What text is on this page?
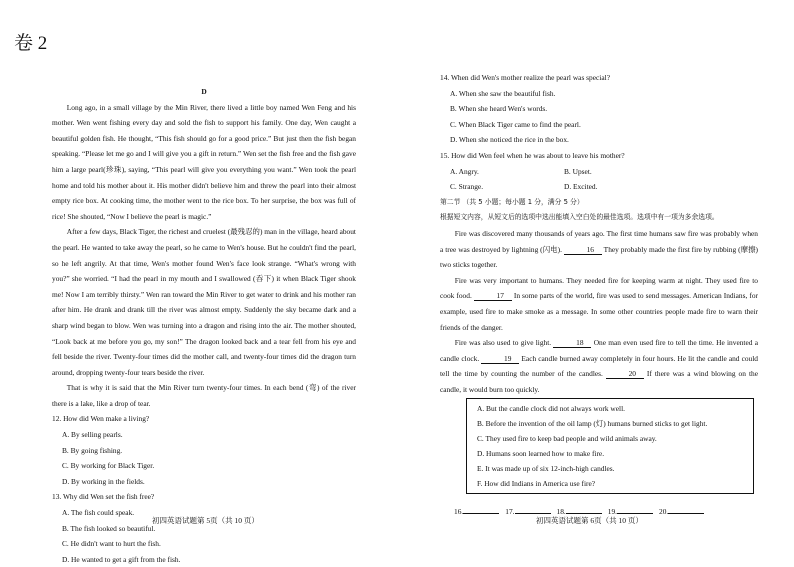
卷 2
D
Long ago, in a small village by the Min River, there lived a little boy named Wen Feng and his mother. Wen went fishing every day and sold the fish to support his family. One day, Wen caught a beautiful golden fish. He thought, “This fish should go for a good price.” But just then the fish began speaking. “Please let me go and I will give you a gift in return.” Wen set the fish free and the fish gave him a large pearl(珍珠), saying, “This pearl will give you everything you want.” Wen took the pearl home and told his mother about it. His mother didn't believe him and threw the pearl into their almost empty rice box. At cooking time, the mother went to the rice box. To her surprise, the box was full of rice! She shouted, “Now I believe the pearl is magic.”
After a few days, Black Tiger, the richest and cruelest (最残忍的) man in the village, heard about the pearl. He wanted to take away the pearl, so he came to Wen's house. But he couldn't find the pearl, so he left angrily. At that time, Wen's mother found Wen's face look strange. “What's wrong with you?” she worried. “I had the pearl in my mouth and I swallowed (吞下) it when Black Tiger shook me! Now I am terribly thirsty.” Wen ran toward the Min River to get water to drink and his mother ran after him. He drank and drank till the river was almost empty. Suddenly the sky became dark and a sharp wind began to blow. Wen was turning into a dragon and rising into the air. The mother shouted, “Look back at me before you go, my son!” The dragon looked back and a tear fell from his eye and fell beside the river. Twenty-four times did the mother call, and twenty-four times did the dragon turn around, dropping twenty-four tears beside the river.
That is why it is said that the Min River turn twenty-four times. In each bend (弯) of the river there is a lake, like a drop of tear.
12. How did Wen make a living?
A. By selling pearls.
B. By going fishing.
C. By working for Black Tiger.
D. By working in the fields.
13. Why did Wen set the fish free?
A. The fish could speak.
B. The fish looked so beautiful.
C. He didn't want to hurt the fish.
D. He wanted to get a gift from the fish.
14. When did Wen's mother realize the pearl was special?
A. When she saw the beautiful fish.
B. When she heard Wen's words.
C. When Black Tiger came to find the pearl.
D. When she noticed the rice in the box.
15. How did Wen feel when he was about to leave his mother?
A. Angry.	B. Upset.
C. Strange.	D. Excited.
第二节 （共 5 小题；每小题 1 分，满分 5 分）
根据短文内容，从短文后的选项中选出能填入空白处的最佳选项。选项中有一项为多余选项。
Fire was discovered many thousands of years ago. The first time humans saw fire was probably when a tree was destroyed by lightning (闪电).	16 They probably made the first fire by rubbing (摩擦) two sticks together.
Fire was very important to humans. They needed fire for keeping warm at night. They used fire to cook food.	17 In some parts of the world, fire was used to send messages. American Indians, for example, used fire to make smoke as a message. In some other countries people made fire to warn their friends of the danger.
Fire was also used to give light.	18 One man even used fire to tell the time. He invented a candle clock.	19 Each candle burned away completely in four hours. He lit the candle and could tell the time by counting the number of the candles.	20 If there was a wind blowing on the candle, it would burn too quickly.
A. But the candle clock did not always work well.
B. Before the invention of the oil lamp (灯) humans burned sticks to get light.
C. They used fire to keep bad people and wild animals away.
D. Humans soon learned how to make fire.
E. It was made up of six 12-inch-high candles.
F. How did Indians in America use fire?
16.	17.	18.	19.	20.
初四英语试题第 5页（共 10 页）	初四英语试题第 6页（共 10 页）
